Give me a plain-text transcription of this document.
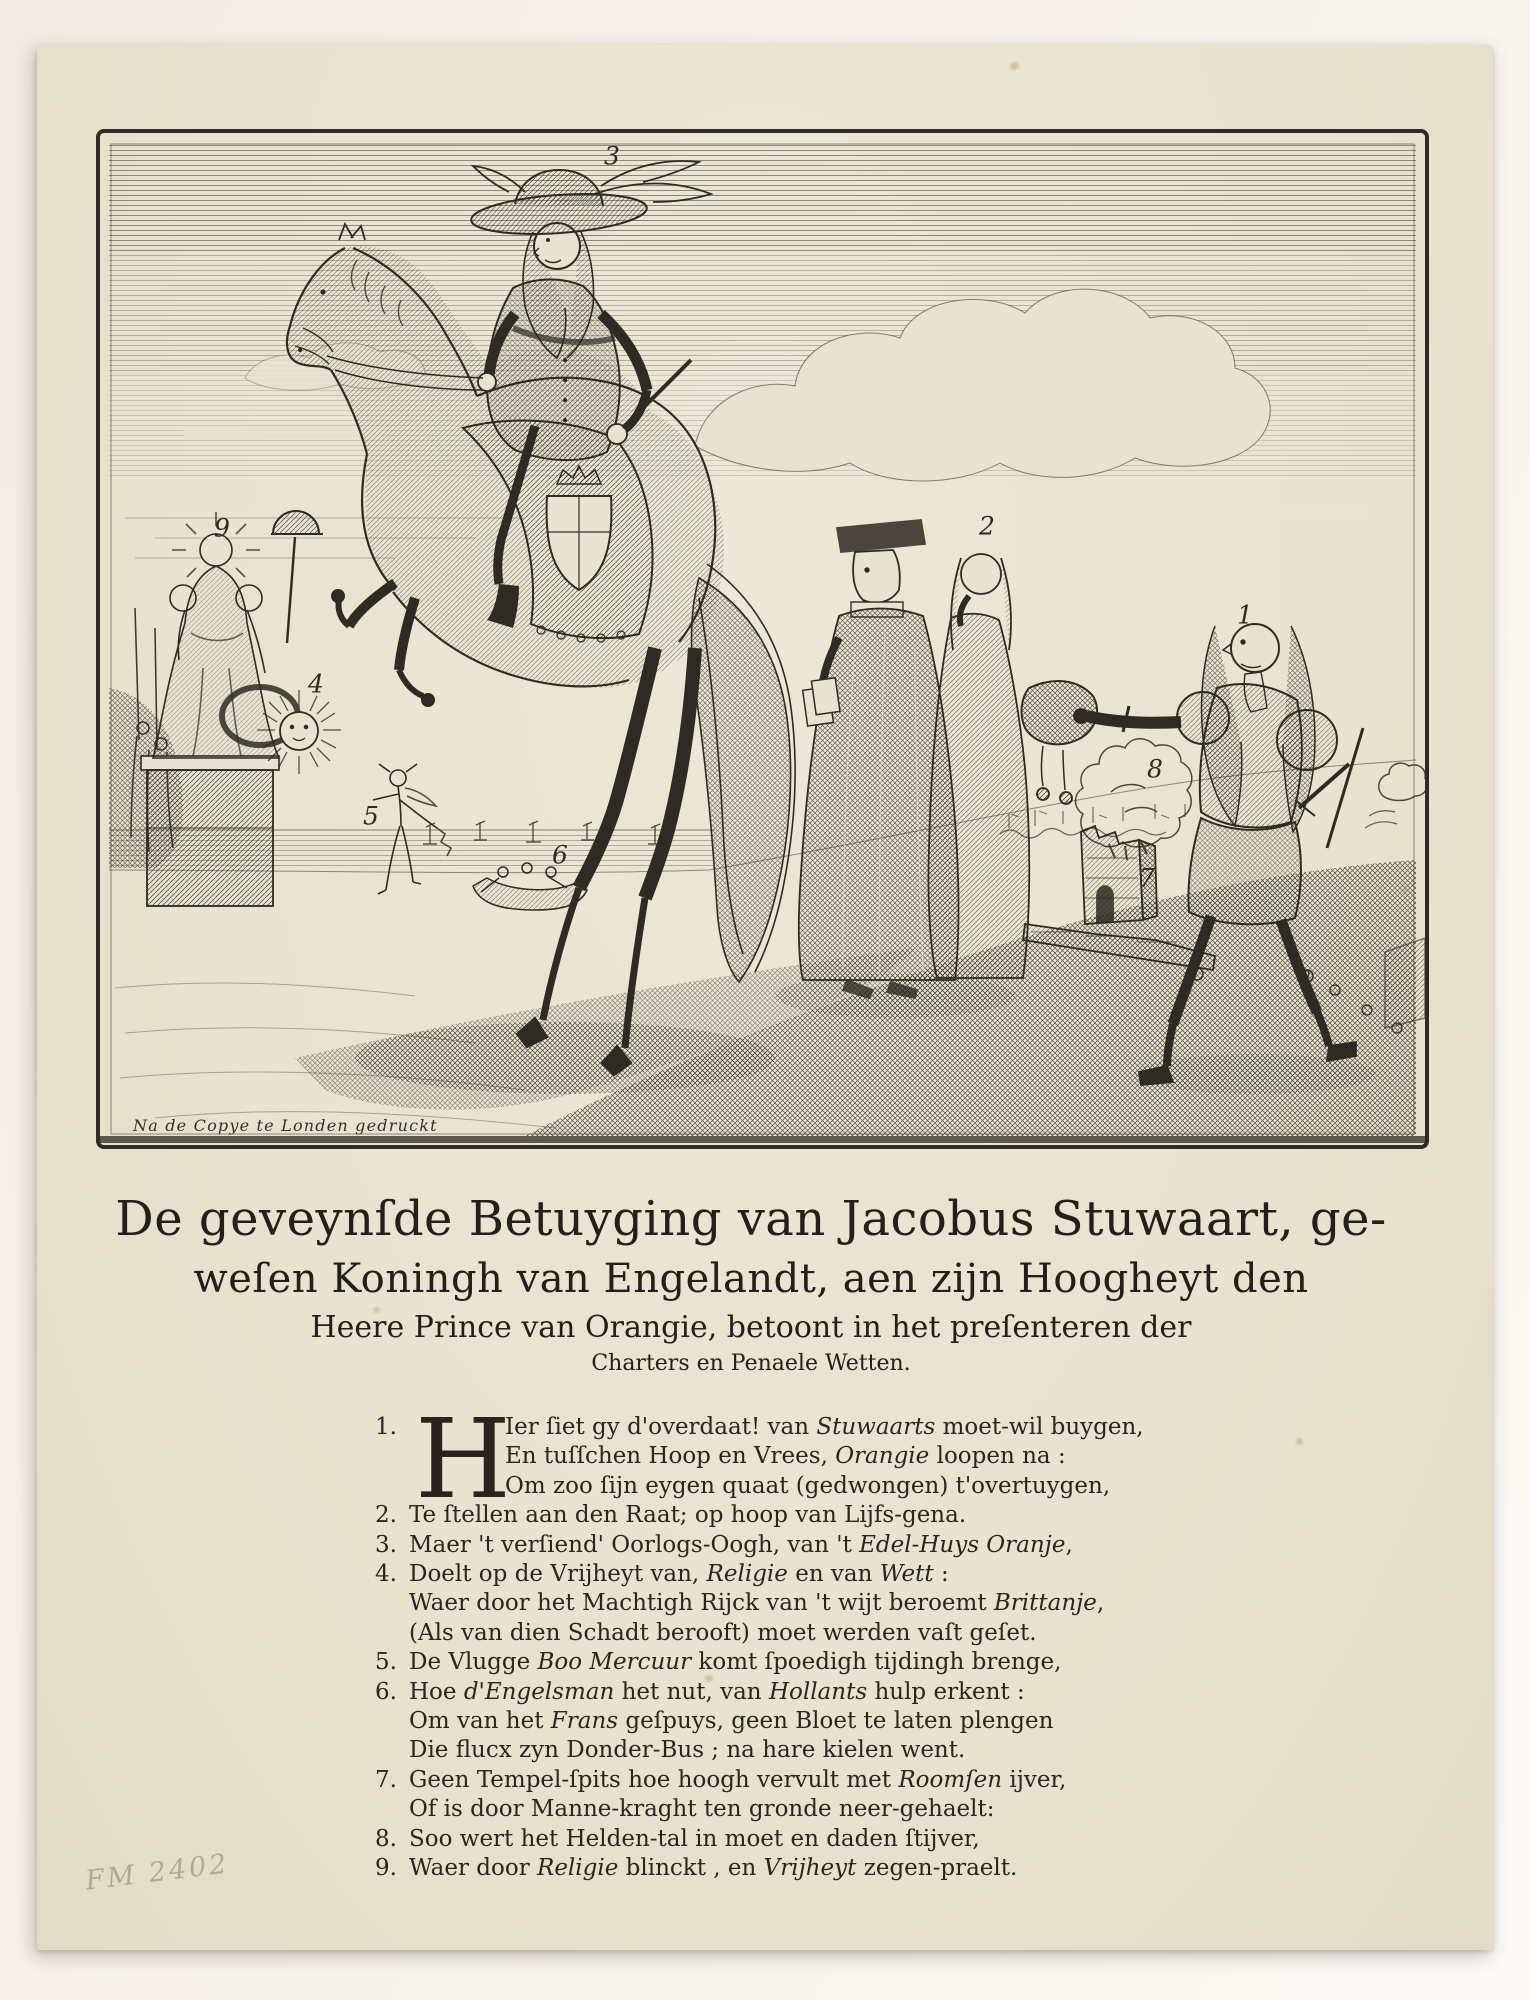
Na de Copye te Londen gedruckt
1
2
3
4
5
6
7
8
9
De geveynſde Betuyging van Jacobus Stuwaart, ge-
weſen Koningh van Engelandt, aen zijn Hoogheyt den
Heere Prince van Orangie, betoont in het preſenteren der
Charters en Penaele Wetten.
1. H
Ier ſiet gy d'overdaat! van Stuwaarts moet-wil buygen,
En tuſſchen Hoop en Vrees, Orangie loopen na :
Om zoo ſijn eygen quaat (gedwongen) t'overtuygen,
2. Te ſtellen aan den Raat; op hoop van Lijfs-gena.
3. Maer 't verſiend' Oorlogs-Oogh, van 't Edel-Huys Oranje,
4. Doelt op de Vrijheyt van, Religie en van Wett :
Waer door het Machtigh Rijck van 't wijt beroemt Brittanje,
(Als van dien Schadt berooft) moet werden vaſt geſet.
5. De Vlugge Boo Mercuur komt ſpoedigh tijdingh brenge,
6. Hoe d'Engelsman het nut, van Hollants hulp erkent :
Om van het Frans geſpuys, geen Bloet te laten plengen
Die flucx zyn Donder-Bus ; na hare kielen went.
7. Geen Tempel-ſpits hoe hoogh vervult met Roomſen ijver,
Of is door Manne-kraght ten gronde neer-gehaelt:
8. Soo wert het Helden-tal in moet en daden ſtijver,
9. Waer door Religie blinckt , en Vrijheyt zegen-praelt.
FM 2402
